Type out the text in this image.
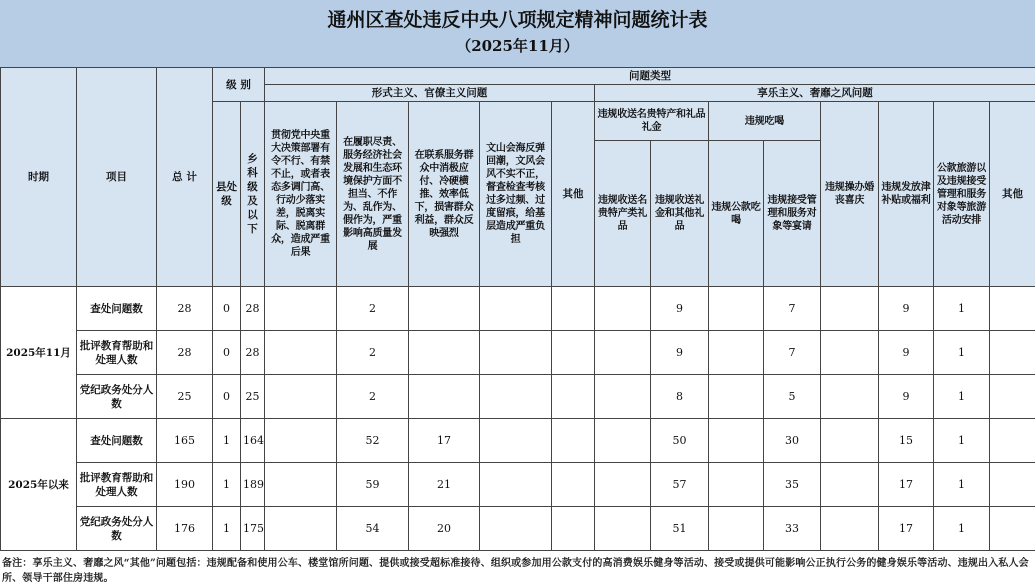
通州区查处违反中央八项规定精神问题统计表
（2025年11月）
时期	项目	总 计	级 别		问题类型												
					形式主义、官僚主义问题					享乐主义、奢靡之风问题							
			县处级	乡科级及以下	贯彻党中央重大决策部署有令不行、有禁不止，或者表态多调门高、行动少落实差，脱离实际、脱离群众，造成严重后果	在履职尽责、服务经济社会发展和生态环境保护方面不担当、不作为、乱作为、假作为，严重影响高质量发展	在联系服务群众中消极应付、冷硬横推、效率低下，损害群众利益，群众反映强烈	文山会海反弹回潮，文风会风不实不正，督查检查考核过多过频、过度留痕，给基层造成严重负担	其他	违规收送名贵特产和礼品礼金		违规吃喝		违规操办婚丧喜庆	违规发放津补贴或福利	公款旅游以及违规接受管理和服务对象等旅游活动安排	其他
										违规收送名贵特产类礼品	违规收送礼金和其他礼品	违规公款吃喝	违规接受管理和服务对象等宴请				

2025年11月	查处问题数	28	0	28		2					9		7		9	1	
	批评教育帮助和处理人数	28	0	28		2					9		7		9	1	
	党纪政务处分人数	25	0	25		2					8		5		9	1	
2025年以来	查处问题数	165	1	164		52	17				50		30		15	1	
	批评教育帮助和处理人数	190	1	189		59	21				57		35		17	1	
	党纪政务处分人数	176	1	175		54	20				51		33		17	1	
备注：享乐主义、奢靡之风“其他”问题包括：违规配备和使用公车、楼堂馆所问题、提供或接受超标准接待、组织或参加用公款支付的高消费娱乐健身等活动、接受或提供可能影响公正执行公务的健身娱乐等活动、违规出入私人会所、领导干部住房违规。
